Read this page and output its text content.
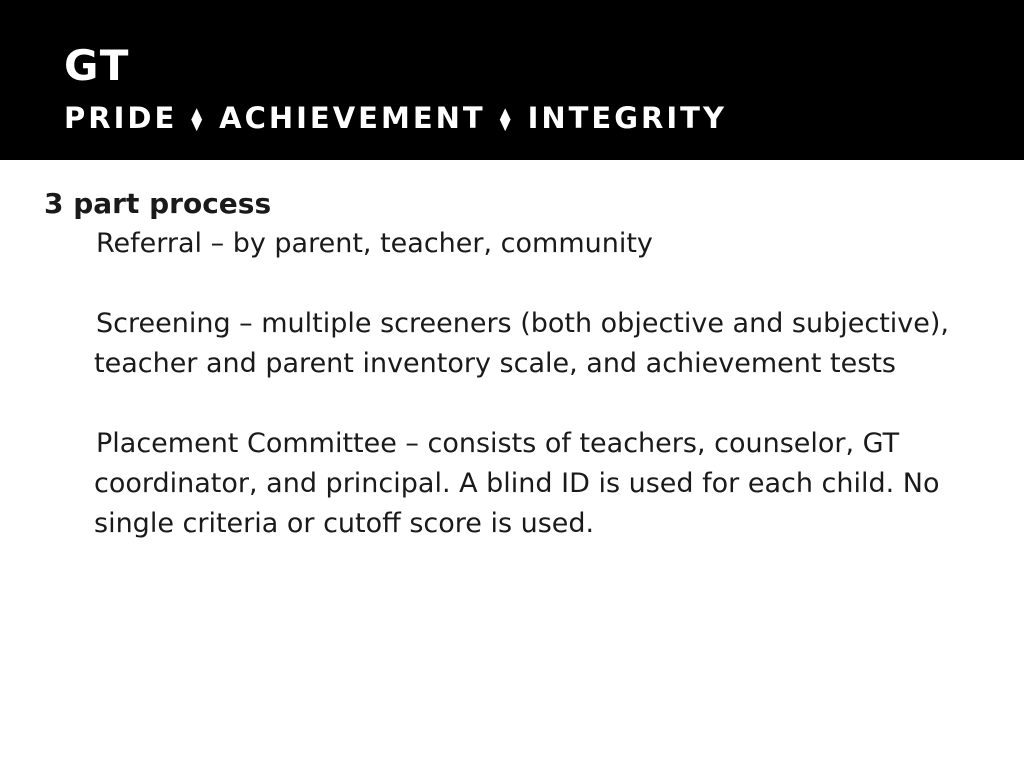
GT
PRIDE ⧫ ACHIEVEMENT ⧫ INTEGRITY

3 part process

Referral – by parent, teacher, community

Screening – multiple screeners (both objective and subjective), teacher and parent inventory scale, and achievement tests

Placement Committee – consists of teachers, counselor, GT coordinator, and principal. A blind ID is used for each child. No single criteria or cutoff score is used.
